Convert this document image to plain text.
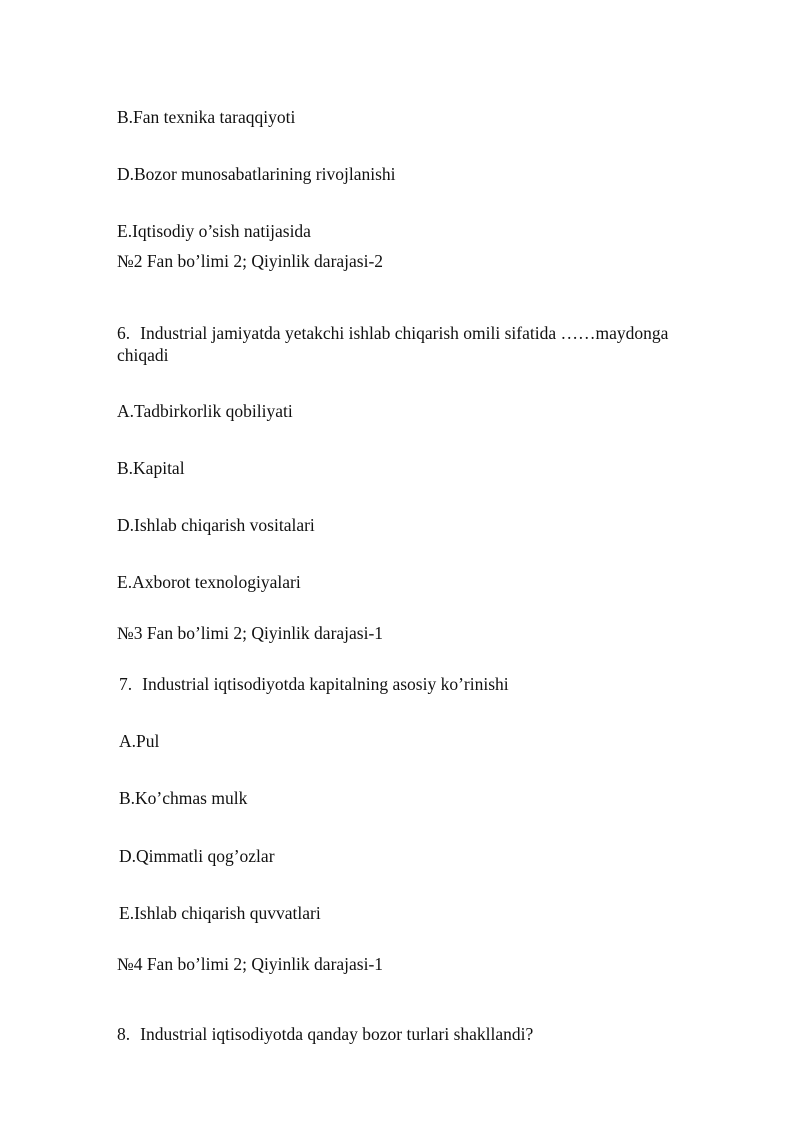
B.Fan texnika taraqqiyoti
D.Bozor munosabatlarining rivojlanishi
E.Iqtisodiy o’sish natijasida
№2 Fan bo’limi 2; Qiyinlik darajasi-2
6. Industrial jamiyatda yetakchi ishlab chiqarish omili sifatida ……maydonga chiqadi
A.Tadbirkorlik qobiliyati
B.Kapital
D.Ishlab chiqarish vositalari
E.Axborot texnologiyalari
№3 Fan bo’limi 2; Qiyinlik darajasi-1
7. Industrial iqtisodiyotda kapitalning asosiy ko’rinishi
A.Pul
B.Ko’chmas mulk
D.Qimmatli qog’ozlar
E.Ishlab chiqarish quvvatlari
№4 Fan bo’limi 2; Qiyinlik darajasi-1
8. Industrial iqtisodiyotda qanday bozor turlari shakllandi?
